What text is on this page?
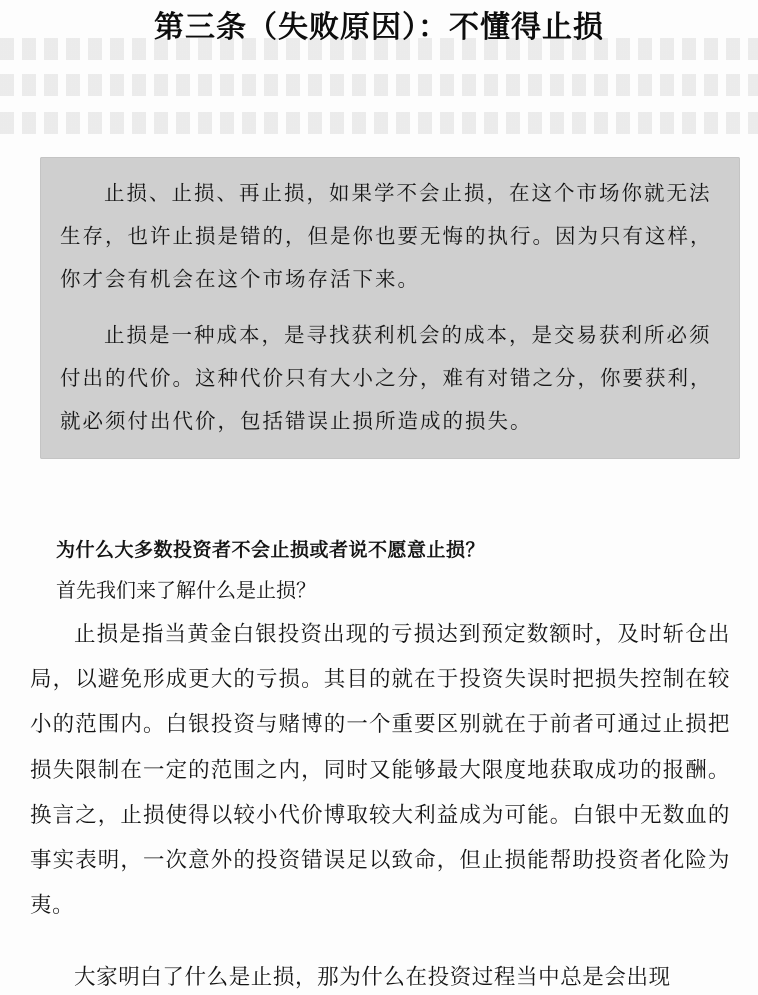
第三条（失败原因）：不懂得止损

止损、止损、再止损，如果学不会止损，在这个市场你就无法生存，也许止损是错的，但是你也要无悔的执行。因为只有这样，你才会有机会在这个市场存活下来。

止损是一种成本，是寻找获利机会的成本，是交易获利所必须付出的代价。这种代价只有大小之分，难有对错之分，你要获利，就必须付出代价，包括错误止损所造成的损失。

为什么大多数投资者不会止损或者说不愿意止损？
首先我们来了解什么是止损？

止损是指当黄金白银投资出现的亏损达到预定数额时，及时斩仓出局，以避免形成更大的亏损。其目的就在于投资失误时把损失控制在较小的范围内。白银投资与赌博的一个重要区别就在于前者可通过止损把损失限制在一定的范围之内，同时又能够最大限度地获取成功的报酬。换言之，止损使得以较小代价博取较大利益成为可能。白银中无数血的事实表明，一次意外的投资错误足以致命，但止损能帮助投资者化险为夷。

大家明白了什么是止损，那为什么在投资过程当中总是会出现
